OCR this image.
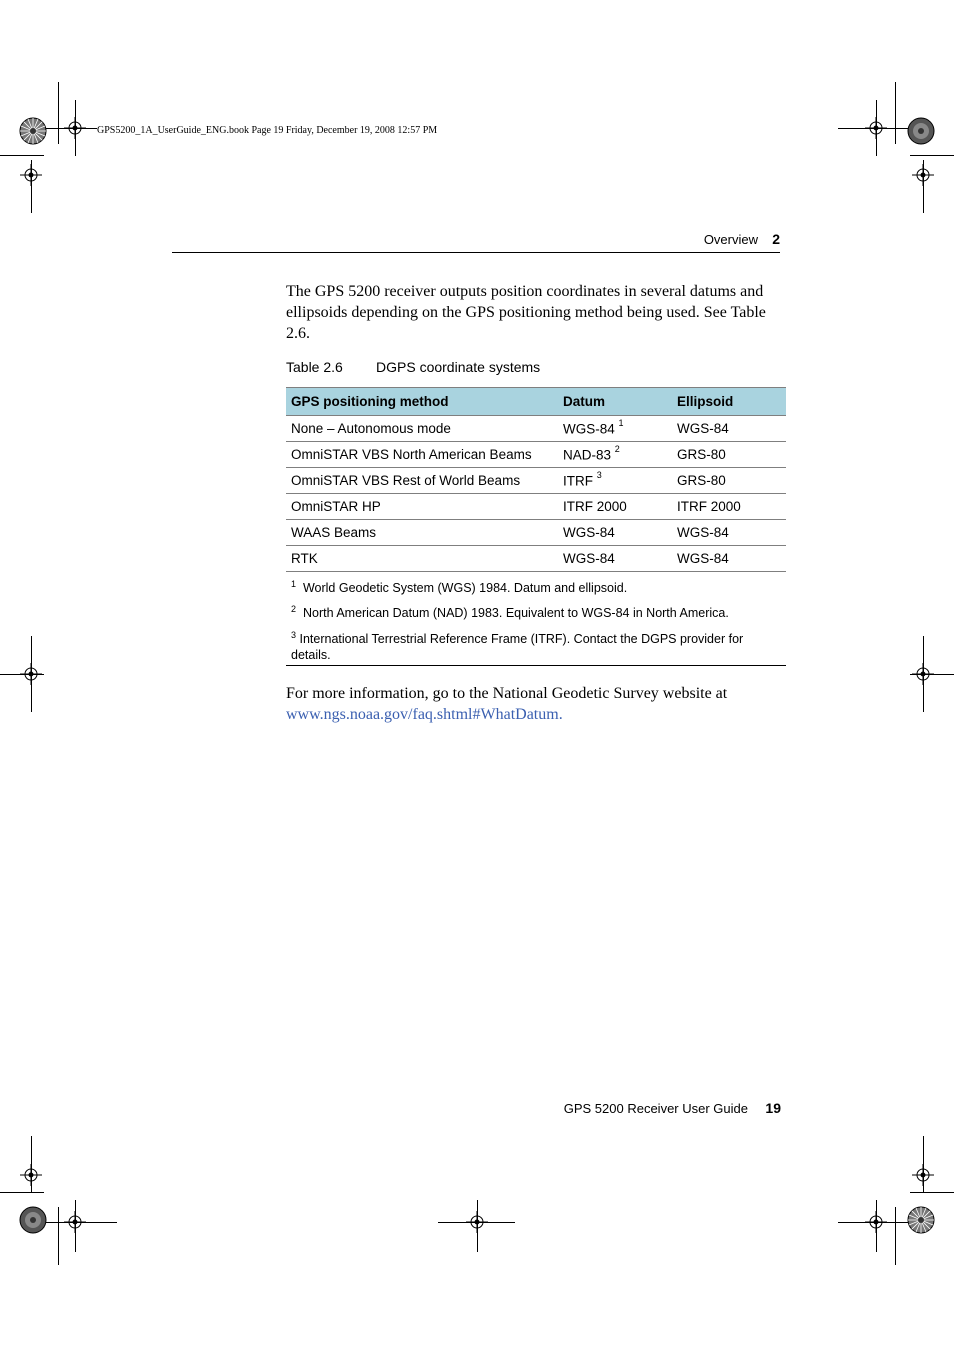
GPS5200_1A_UserGuide_ENG.book Page 19 Friday, December 19, 2008 12:57 PM
Overview 2

The GPS 5200 receiver outputs position coordinates in several datums and ellipsoids depending on the GPS positioning method being used. See Table 2.6.

Table 2.6 DGPS coordinate systems
GPS positioning method	Datum	Ellipsoid
None – Autonomous mode	WGS-84 $^1$	WGS-84
OmniSTAR VBS North American Beams	NAD-83 $^2$	GRS-80
OmniSTAR VBS Rest of World Beams	ITRF $^3$	GRS-80
OmniSTAR HP	ITRF 2000	ITRF 2000
WAAS Beams	WGS-84	WGS-84
RTK	WGS-84	WGS-84
$^1$ World Geodetic System (WGS) 1984. Datum and ellipsoid.
$^2$ North American Datum (NAD) 1983. Equivalent to WGS-84 in North America.
$^3$ International Terrestrial Reference Frame (ITRF). Contact the DGPS provider for details.

For more information, go to the National Geodetic Survey website at
www.ngs.noaa.gov/faq.shtml#WhatDatum.

GPS 5200 Receiver User Guide 19
